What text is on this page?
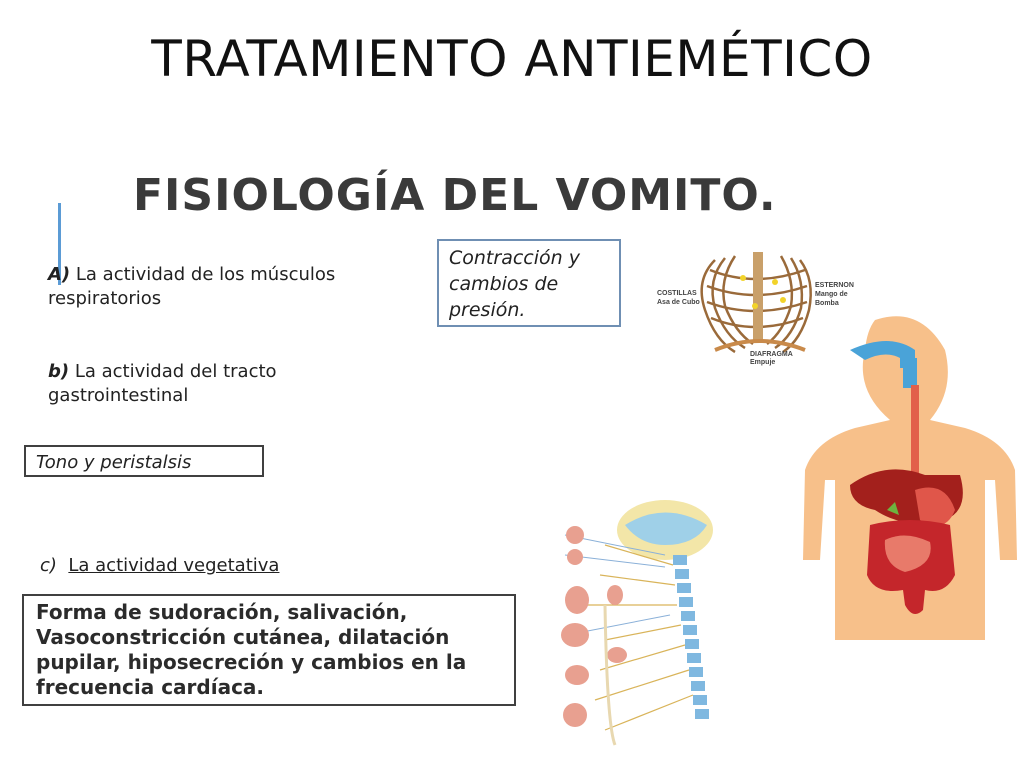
TRATAMIENTO ANTIEMÉTICO
FISIOLOGÍA DEL VOMITO.
A) La actividad de los músculos respiratorios
b) La actividad del tracto gastrointestinal
c) La actividad vegetativa
Contracción y cambios de presión.
Tono y peristalsis
Forma de sudoración, salivación, Vasoconstricción cutánea, dilatación pupilar, hiposecreción y cambios en la frecuencia cardíaca.
COSTILLAS
Asa de Cubo
ESTERNON
Mango de
Bomba
DIAFRAGMA
Empuje
